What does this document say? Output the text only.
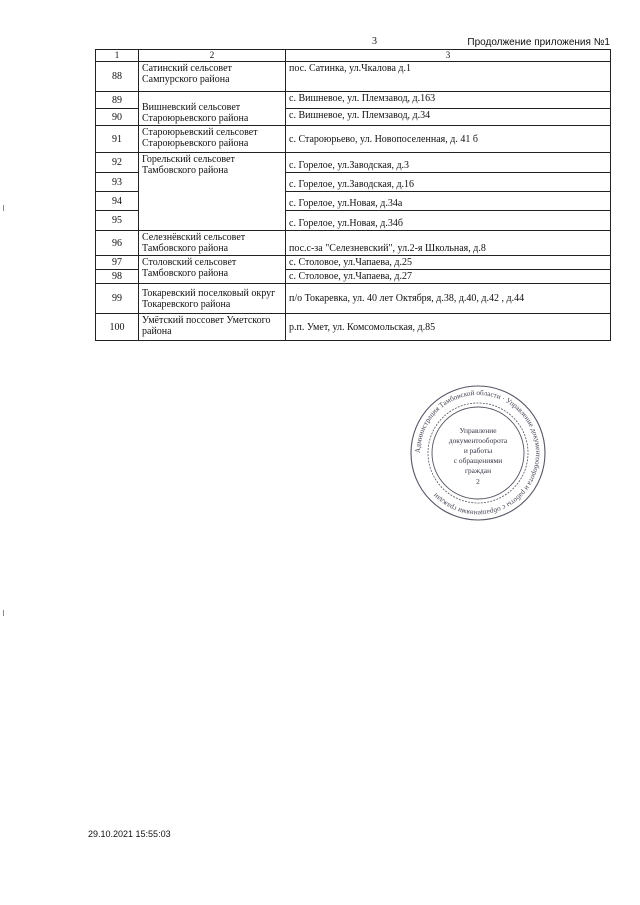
3	Продолжение приложения №1
1	2	3
88	Сатинский сельсовет Сампурского района	пос. Сатинка, ул.Чкалова д.1
89	Вишневский сельсовет Староюрьевского района	с. Вишневое, ул. Племзавод, д.163
90		с. Вишневое, ул. Племзавод, д.34
91	Староюрьевский сельсовет Староюрьевского района	с. Староюрьево, ул. Новопоселенная, д. 41 б
92	Горельский сельсовет Тамбовского района	с. Горелое, ул.Заводская, д.3
93		с. Горелое, ул.Заводская, д.16
94		с. Горелое, ул.Новая, д.34а
95		с. Горелое, ул.Новая, д.34б
96	Селезнёвский сельсовет Тамбовского района	пос.с-за "Селезневский", ул.2-я Школьная, д.8
97	Столовский сельсовет Тамбовского района	с. Столовое, ул.Чапаева, д.25
98		с. Столовое, ул.Чапаева, д.27
99	Токаревский поселковый округ Токаревского района	п/о Токаревка, ул. 40 лет Октября, д.38, д.40, д.42 , д.44
100	Умётский поссовет Уметского района	р.п. Умет, ул. Комсомольская, д.85
Администрация Тамбовской области · Управление документооборота и работы с обращениями граждан
Управление
документооборота
и работы
с обращениями
граждан
2
29.10.2021 15:55:03
